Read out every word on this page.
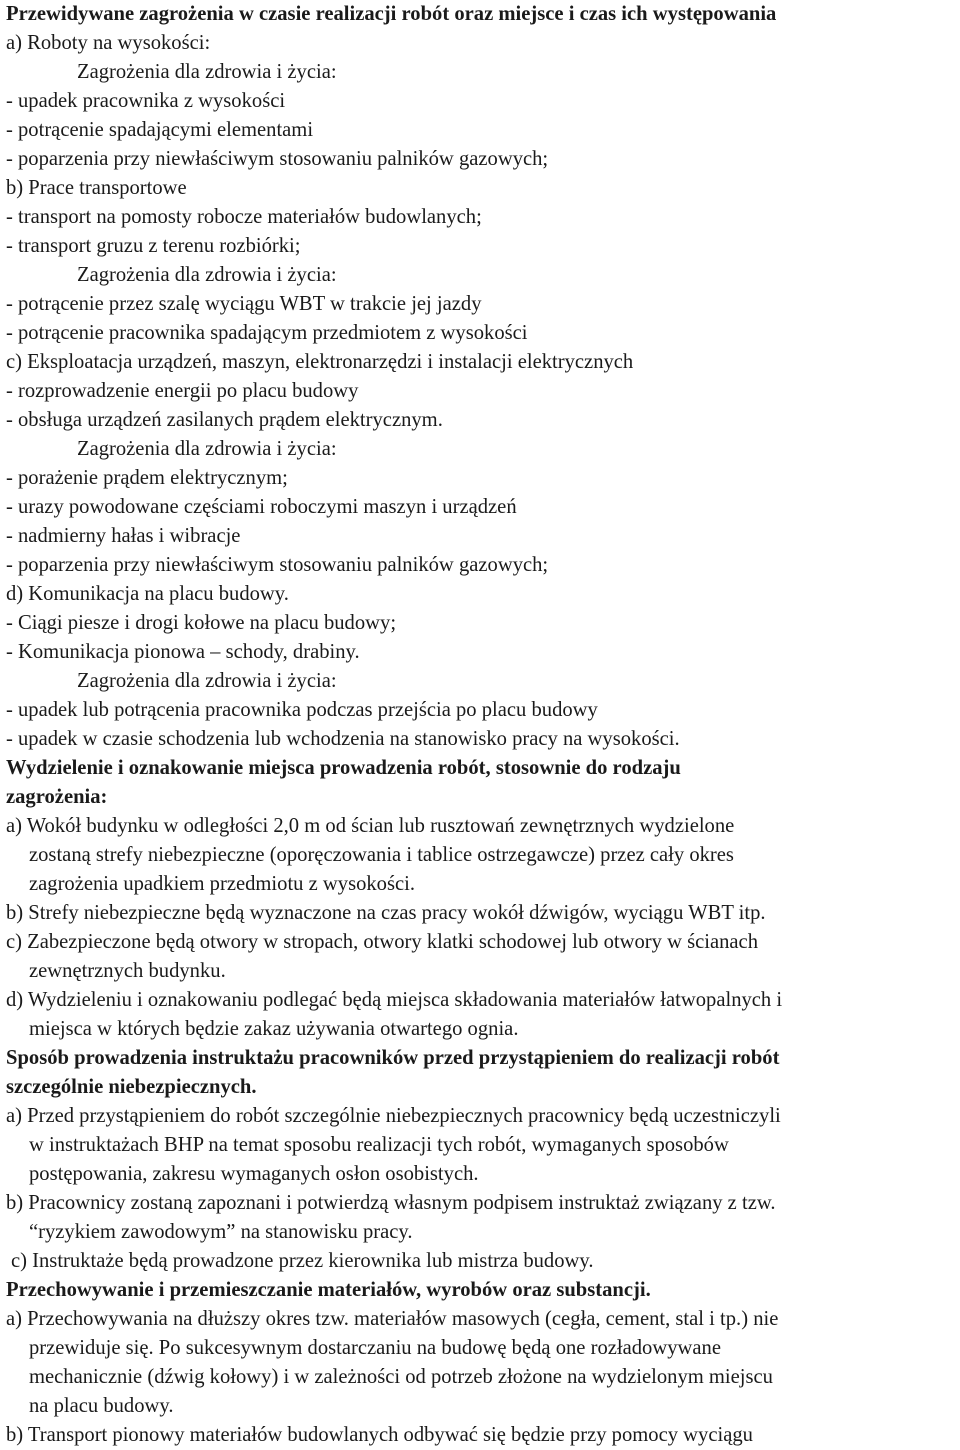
Przewidywane zagrożenia w czasie realizacji robót oraz miejsce i czas ich występowania
a) Roboty na wysokości:
Zagrożenia dla zdrowia i życia:
- upadek pracownika z wysokości
- potrącenie spadającymi elementami
- poparzenia przy niewłaściwym stosowaniu palników gazowych;
b) Prace transportowe
- transport na pomosty robocze materiałów budowlanych;
- transport gruzu z terenu rozbiórki;
Zagrożenia dla zdrowia i życia:
- potrącenie przez szalę wyciągu WBT w trakcie jej jazdy
- potrącenie pracownika spadającym przedmiotem z wysokości
c) Eksploatacja urządzeń, maszyn, elektronarzędzi i instalacji elektrycznych
- rozprowadzenie energii po placu budowy
- obsługa urządzeń zasilanych prądem elektrycznym.
Zagrożenia dla zdrowia i życia:
- porażenie prądem elektrycznym;
- urazy powodowane częściami roboczymi maszyn i urządzeń
- nadmierny hałas i wibracje
- poparzenia przy niewłaściwym stosowaniu palników gazowych;
d) Komunikacja na placu budowy.
- Ciągi piesze i drogi kołowe na placu budowy;
- Komunikacja pionowa – schody, drabiny.
Zagrożenia dla zdrowia i życia:
- upadek lub potrącenia pracownika podczas przejścia po placu budowy
- upadek w czasie schodzenia lub wchodzenia na stanowisko pracy na wysokości.
Wydzielenie i oznakowanie miejsca prowadzenia robót, stosownie do rodzaju
zagrożenia:
a) Wokół budynku w odległości 2,0 m od ścian lub rusztowań zewnętrznych wydzielone
zostaną strefy niebezpieczne (oporęczowania i tablice ostrzegawcze) przez cały okres
zagrożenia upadkiem przedmiotu z wysokości.
b) Strefy niebezpieczne będą wyznaczone na czas pracy wokół dźwigów, wyciągu WBT itp.
c) Zabezpieczone będą otwory w stropach, otwory klatki schodowej lub otwory w ścianach
zewnętrznych budynku.
d) Wydzieleniu i oznakowaniu podlegać będą miejsca składowania materiałów łatwopalnych i
miejsca w których będzie zakaz używania otwartego ognia.
Sposób prowadzenia instruktażu pracowników przed przystąpieniem do realizacji robót
szczególnie niebezpiecznych.
a) Przed przystąpieniem do robót szczególnie niebezpiecznych pracownicy będą uczestniczyli
w instruktażach BHP na temat sposobu realizacji tych robót, wymaganych sposobów
postępowania, zakresu wymaganych osłon osobistych.
b) Pracownicy zostaną zapoznani i potwierdzą własnym podpisem instruktaż związany z tzw.
“ryzykiem zawodowym” na stanowisku pracy.
c) Instruktaże będą prowadzone przez kierownika lub mistrza budowy.
Przechowywanie i przemieszczanie materiałów, wyrobów oraz substancji.
a) Przechowywania na dłuższy okres tzw. materiałów masowych (cegła, cement, stal i tp.) nie
przewiduje się. Po sukcesywnym dostarczaniu na budowę będą one rozładowywane
mechanicznie (dźwig kołowy) i w zależności od potrzeb złożone na wydzielonym miejscu
na placu budowy.
b) Transport pionowy materiałów budowlanych odbywać się będzie przy pomocy wyciągu
